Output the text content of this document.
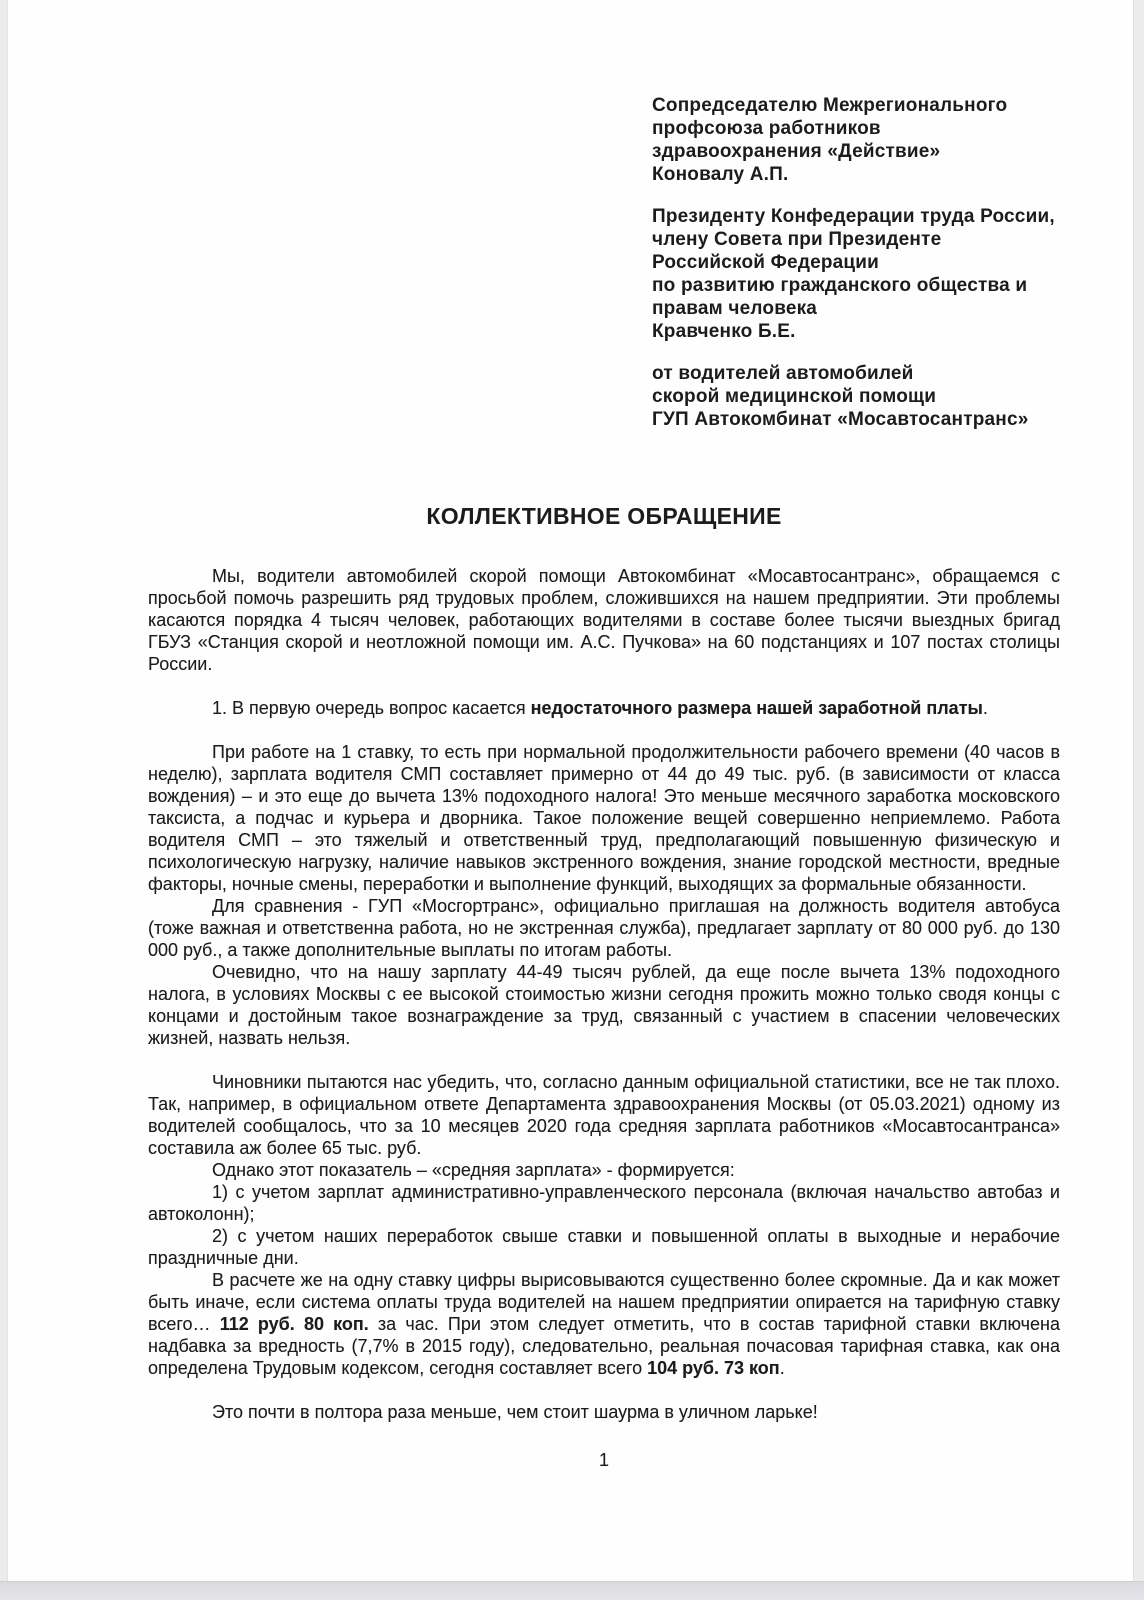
Сопредседателю Межрегионального
профсоюза работников
здравоохранения «Действие»
Коновалу А.П.
Президенту Конфедерации труда России,
члену Совета при Президенте
Российской Федерации
по развитию гражданского общества и
правам человека
Кравченко Б.Е.
от водителей автомобилей
скорой медицинской помощи
ГУП Автокомбинат «Мосавтосантранс»
КОЛЛЕКТИВНОЕ ОБРАЩЕНИЕ

Мы, водители автомобилей скорой помощи Автокомбинат «Мосавтосантранс», обращаемся с просьбой помочь разрешить ряд трудовых проблем, сложившихся на нашем предприятии. Эти проблемы касаются порядка 4 тысяч человек, работающих водителями в составе более тысячи выездных бригад ГБУЗ «Станция скорой и неотложной помощи им. А.С. Пучкова» на 60 подстанциях и 107 постах столицы России.

1. В первую очередь вопрос касается недостаточного размера нашей заработной платы.

При работе на 1 ставку, то есть при нормальной продолжительности рабочего времени (40 часов в неделю), зарплата водителя СМП составляет примерно от 44 до 49 тыс. руб. (в зависимости от класса вождения) – и это еще до вычета 13% подоходного налога! Это меньше месячного заработка московского таксиста, а подчас и курьера и дворника. Такое положение вещей совершенно неприемлемо. Работа водителя СМП – это тяжелый и ответственный труд, предполагающий повышенную физическую и психологическую нагрузку, наличие навыков экстренного вождения, знание городской местности, вредные факторы, ночные смены, переработки и выполнение функций, выходящих за формальные обязанности.

Для сравнения - ГУП «Мосгортранс», официально приглашая на должность водителя автобуса (тоже важная и ответственна работа, но не экстренная служба), предлагает зарплату от 80 000 руб. до 130 000 руб., а также дополнительные выплаты по итогам работы.

Очевидно, что на нашу зарплату 44-49 тысяч рублей, да еще после вычета 13% подоходного налога, в условиях Москвы с ее высокой стоимостью жизни сегодня прожить можно только сводя концы с концами и достойным такое вознаграждение за труд, связанный с участием в спасении человеческих жизней, назвать нельзя.

Чиновники пытаются нас убедить, что, согласно данным официальной статистики, все не так плохо. Так, например, в официальном ответе Департамента здравоохранения Москвы (от 05.03.2021) одному из водителей сообщалось, что за 10 месяцев 2020 года средняя зарплата работников «Мосавтосантранса» составила аж более 65 тыс. руб.

Однако этот показатель – «средняя зарплата» - формируется:

1) с учетом зарплат административно-управленческого персонала (включая начальство автобаз и автоколонн);

2) с учетом наших переработок свыше ставки и повышенной оплаты в выходные и нерабочие праздничные дни.

В расчете же на одну ставку цифры вырисовываются существенно более скромные. Да и как может быть иначе, если система оплаты труда водителей на нашем предприятии опирается на тарифную ставку всего… 112 руб. 80 коп. за час. При этом следует отметить, что в состав тарифной ставки включена надбавка за вредность (7,7% в 2015 году), следовательно, реальная почасовая тарифная ставка, как она определена Трудовым кодексом, сегодня составляет всего 104 руб. 73 коп.

Это почти в полтора раза меньше, чем стоит шаурма в уличном ларьке!

1
